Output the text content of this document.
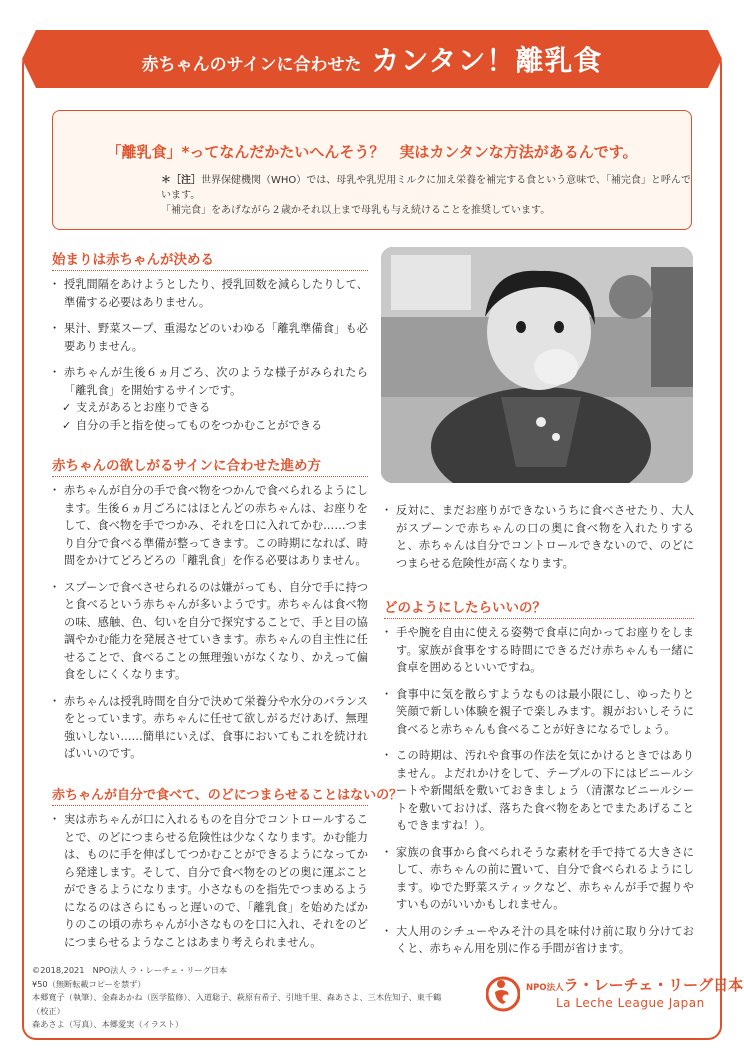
赤ちゃんのサインに合わせた カンタン！離乳食
「離乳食」*ってなんだかたいへんそう？　実はカンタンな方法があるんです。
＊［注］世界保健機関（WHO）では、母乳や乳児用ミルクに加え栄養を補完する食という意味で、「補完食」と呼んでいます。
「補完食」をあげながら２歳かそれ以上まで母乳も与え続けることを推奨しています。
始まりは赤ちゃんが決める
・ 授乳間隔をあけようとしたり、授乳回数を減らしたりして、準備する必要はありません。
・ 果汁、野菜スープ、重湯などのいわゆる「離乳準備食」も必要ありません。
・ 赤ちゃんが生後６ヵ月ごろ、次のような様子がみられたら「離乳食」を開始するサインです。
✓ 支えがあるとお座りできる
✓ 自分の手と指を使ってものをつかむことができる
赤ちゃんの欲しがるサインに合わせた進め方
・ 赤ちゃんが自分の手で食べ物をつかんで食べられるようにします。生後６ヵ月ごろにはほとんどの赤ちゃんは、お座りをして、食べ物を手でつかみ、それを口に入れてかむ……つまり自分で食べる準備が整ってきます。この時期になれば、時間をかけてどろどろの「離乳食」を作る必要はありません。
・ スプーンで食べさせられるのは嫌がっても、自分で手に持つと食べるという赤ちゃんが多いようです。赤ちゃんは食べ物の味、感触、色、匂いを自分で探究することで、手と目の協調やかむ能力を発展させていきます。赤ちゃんの自主性に任せることで、食べることの無理強いがなくなり、かえって偏食をしにくくなります。
・ 赤ちゃんは授乳時間を自分で決めて栄養分や水分のバランスをとっています。赤ちゃんに任せて欲しがるだけあげ、無理強いしない……簡単にいえば、食事においてもこれを続ければいいのです。
赤ちゃんが自分で食べて、のどにつまらせることはないの？
・ 実は赤ちゃんが口に入れるものを自分でコントロールすることで、のどにつまらせる危険性は少なくなります。かむ能力は、ものに手を伸ばしてつかむことができるようになってから発達します。そして、自分で食べ物をのどの奥に運ぶことができるようになります。小さなものを指先でつまめるようになるのはさらにもっと遅いので、「離乳食」を始めたばかりのこの頃の赤ちゃんが小さなものを口に入れ、それをのどにつまらせるようなことはあまり考えられません。
・ 反対に、まだお座りができないうちに食べさせたり、大人がスプーンで赤ちゃんの口の奥に食べ物を入れたりすると、赤ちゃんは自分でコントロールできないので、のどにつまらせる危険性が高くなります。
どのようにしたらいいの？
・ 手や腕を自由に使える姿勢で食卓に向かってお座りをします。家族が食事をする時間にできるだけ赤ちゃんも一緒に食卓を囲めるといいですね。
・ 食事中に気を散らすようなものは最小限にし、ゆったりと笑顔で新しい体験を親子で楽しみます。親がおいしそうに食べると赤ちゃんも食べることが好きになるでしょう。
・ この時期は、汚れや食事の作法を気にかけるときではありません。よだれかけをして、テーブルの下にはビニールシートや新聞紙を敷いておきましょう（清潔なビニールシートを敷いておけば、落ちた食べ物をあとでまたあげることもできますね！）。
・ 家族の食事から食べられそうな素材を手で持てる大きさにして、赤ちゃんの前に置いて、自分で食べられるようにします。ゆでた野菜スティックなど、赤ちゃんが手で握りやすいものがいいかもしれません。
・ 大人用のシチューやみそ汁の具を味付け前に取り分けておくと、赤ちゃん用を別に作る手間が省けます。
©2018,2021　NPO法人 ラ・レーチェ・リーグ日本
¥50（無断転載コピーを禁ず）
本郷寛子（執筆）、金森あかね（医学監修）、入道聡子、萩原有希子、引地千里、森あさよ、三木佐知子、東千鶴（校正）
森あさよ（写真）、本郷愛実（イラスト）
NPO法人ラ・レーチェ・リーグ日本
La Leche League Japan
